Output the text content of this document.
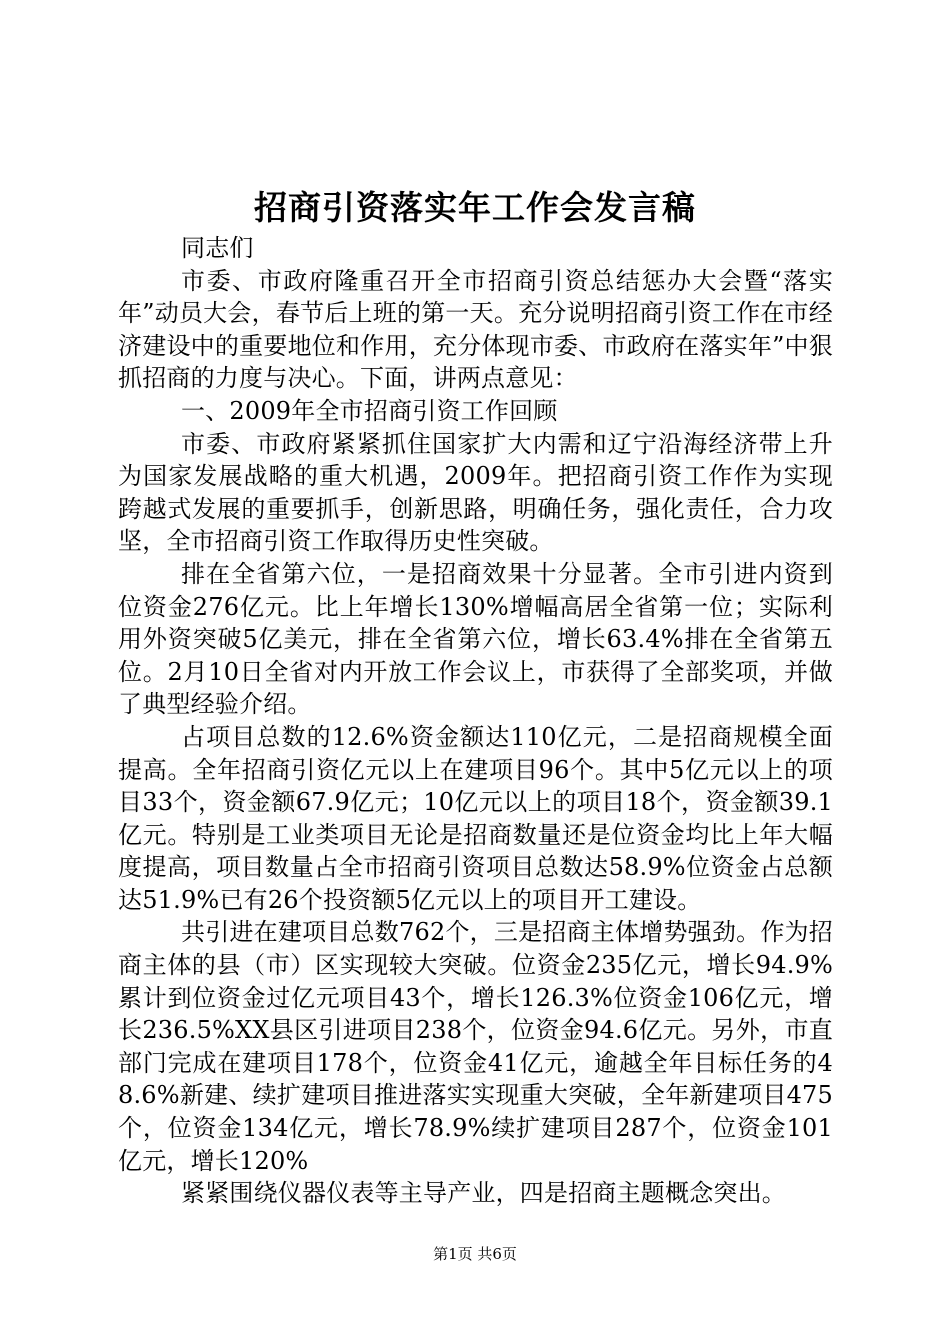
招商引资落实年工作会发言稿

同志们

市委、市政府隆重召开全市招商引资总结惩办大会暨“落实年”动员大会，春节后上班的第一天。充分说明招商引资工作在市经济建设中的重要地位和作用，充分体现市委、市政府在落实年”中狠抓招商的力度与决心。下面，讲两点意见：

一、2009年全市招商引资工作回顾

市委、市政府紧紧抓住国家扩大内需和辽宁沿海经济带上升为国家发展战略的重大机遇，2009年。把招商引资工作作为实现跨越式发展的重要抓手，创新思路，明确任务，强化责任，合力攻坚，全市招商引资工作取得历史性突破。

排在全省第六位，一是招商效果十分显著。全市引进内资到位资金276亿元。比上年增长130%增幅高居全省第一位；实际利用外资突破5亿美元，排在全省第六位，增长63.4%排在全省第五位。2月10日全省对内开放工作会议上，市获得了全部奖项，并做了典型经验介绍。

占项目总数的12.6%资金额达110亿元，二是招商规模全面提高。全年招商引资亿元以上在建项目96个。其中5亿元以上的项目33个，资金额67.9亿元；10亿元以上的项目18个，资金额39.1亿元。特别是工业类项目无论是招商数量还是位资金均比上年大幅度提高，项目数量占全市招商引资项目总数达58.9%位资金占总额达51.9%已有26个投资额5亿元以上的项目开工建设。

共引进在建项目总数762个，三是招商主体增势强劲。作为招商主体的县（市）区实现较大突破。位资金235亿元，增长94.9%累计到位资金过亿元项目43个，增长126.3%位资金106亿元，增长236.5%XX县区引进项目238个，位资金94.6亿元。另外，市直部门完成在建项目178个，位资金41亿元，逾越全年目标任务的48.6%新建、续扩建项目推进落实实现重大突破，全年新建项目475个，位资金134亿元，增长78.9%续扩建项目287个，位资金101亿元，增长120%

紧紧围绕仪器仪表等主导产业，四是招商主题概念突出。

第1页 共6页
